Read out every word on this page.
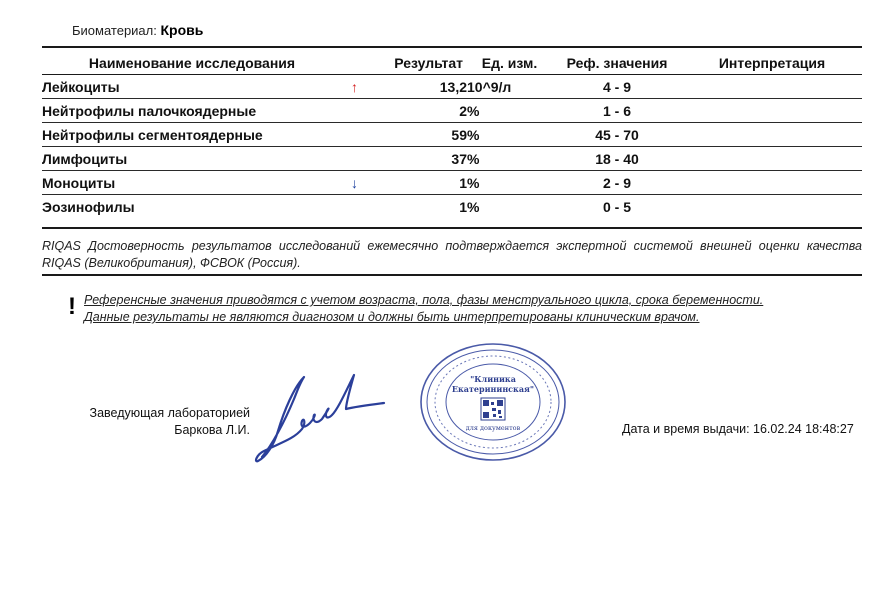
Биоматериал: Кровь
Наименование исследования		Результат	Ед. изм.	Реф. значения	Интерпретация
Лейкоциты	↑	13,2	10^9/л	4 - 9	
Нейтрофилы палочкоядерные		2	%	1 - 6	
Нейтрофилы сегментоядерные		59	%	45 - 70	
Лимфоциты		37	%	18 - 40	
Моноциты	↓	1	%	2 - 9	
Эозинофилы		1	%	0 - 5	
RIQAS Достоверность результатов исследований ежемесячно подтверждается экспертной системой внешней оценки качества RIQAS (Великобритания), ФСВОК (Россия).
! Референсные значения приводятся с учетом возраста, пола, фазы менструального цикла, срока беременности.
Данные результаты не являются диагнозом и должны быть интерпретированы клиническим врачом.
Заведующая лабораторией
Баркова Л.И.
"Клиника
Екатерининская"
для документов	Дата и время выдачи: 16.02.24 18:48:27
